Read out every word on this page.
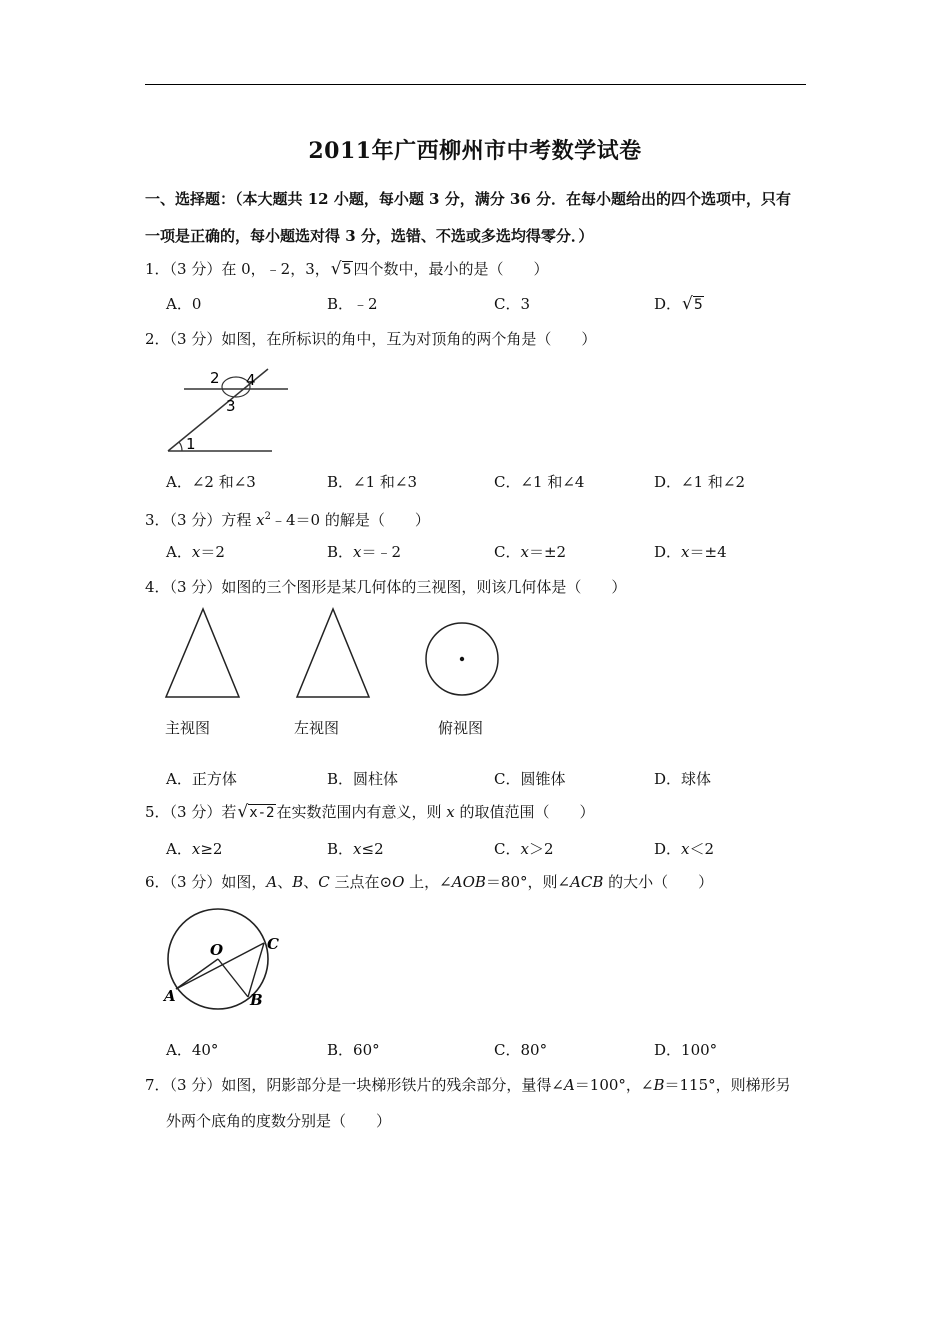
2011年广西柳州市中考数学试卷
一、选择题：（本大题共 12 小题，每小题 3 分，满分 36 分．在每小题给出的四个选项中，只有
一项是正确的，每小题选对得 3 分，选错、不选或多选均得零分．）
1．（3 分）在 0，﹣2，3， √ 5 四个数中，最小的是（　　）
A．0	B．﹣2	C．3	D． √ 5
2．（3 分）如图，在所标识的角中，互为对顶角的两个角是（　　）
2 4
3
1
A．∠2 和∠3	B．∠1 和∠3	C．∠1 和∠4	D．∠1 和∠2
3．（3 分）方程 $x^2﹣4=0$ 的解是（　　）
A．x＝2	B．x＝﹣2	C．x＝±2	D．x＝±4
4．（3 分）如图的三个图形是某几何体的三视图，则该几何体是（　　）
主视图	左视图	俯视图
A．正方体	B．圆柱体	C．圆锥体	D．球体
5．（3 分）若 √ x-2 在实数范围内有意义，则 x 的取值范围（　　）
A．x≥2	B．x≤2	C．x＞2	D．x＜2
6．（3 分）如图，A、B、C 三点在⊙O 上，∠AOB＝80°，则∠ACB 的大小（　　）
O	C
A	B
A．40°	B．60°	C．80°	D．100°
7．（3 分）如图，阴影部分是一块梯形铁片的残余部分，量得∠A＝100°，∠B＝115°，则梯形另
外两个底角的度数分别是（　　）
